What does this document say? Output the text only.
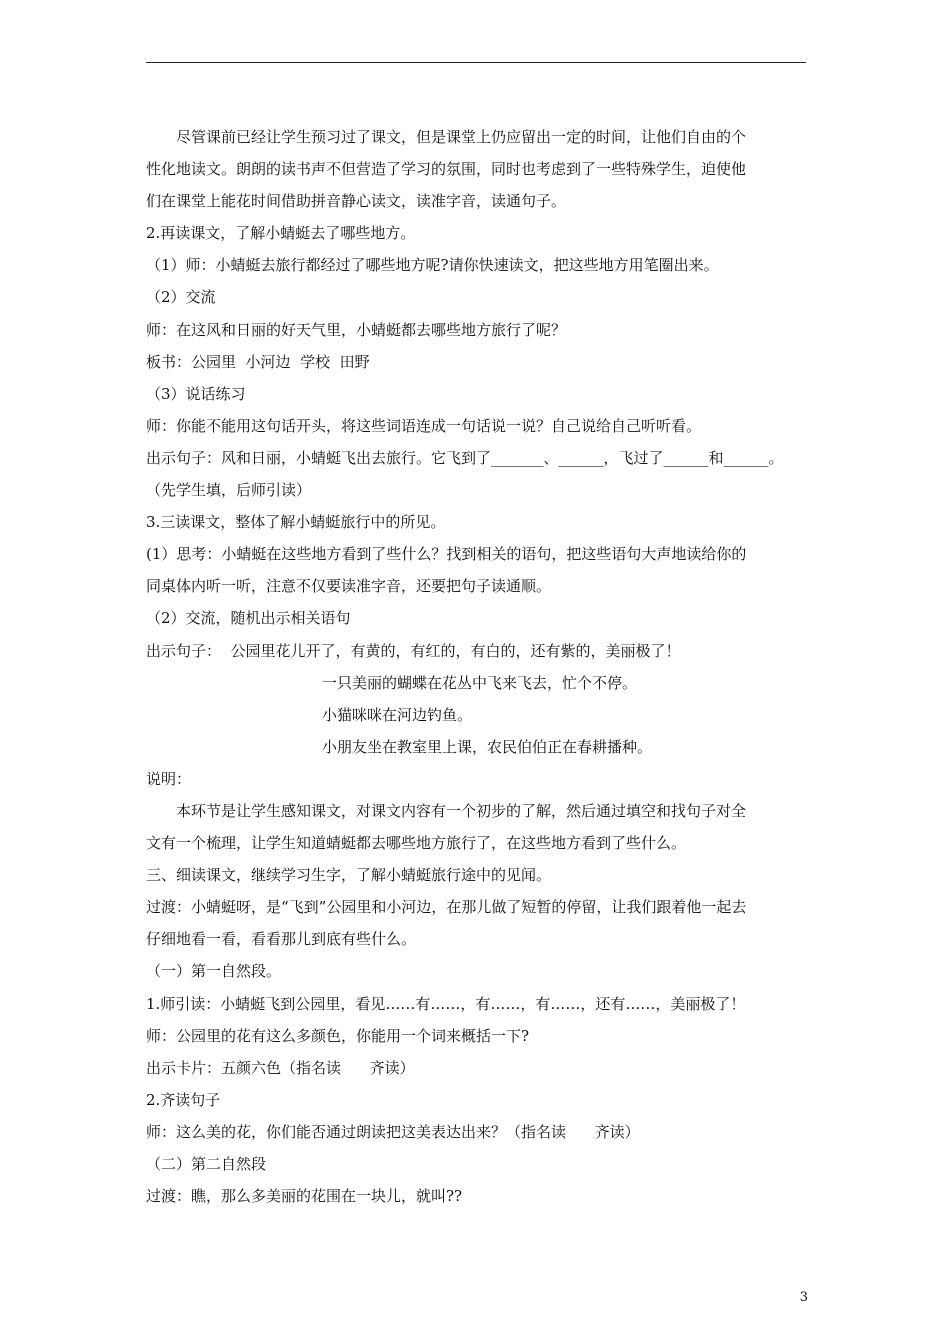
尽管课前已经让学生预习过了课文，但是课堂上仍应留出一定的时间，让他们自由的个
性化地读文。朗朗的读书声不但营造了学习的氛围，同时也考虑到了一些特殊学生，迫使他
们在课堂上能花时间借助拼音静心读文，读准字音，读通句子。
2.再读课文，了解小蜻蜓去了哪些地方。
（1）师：小蜻蜓去旅行都经过了哪些地方呢?请你快速读文，把这些地方用笔圈出来。
（2）交流
师：在这风和日丽的好天气里，小蜻蜓都去哪些地方旅行了呢？
板书：公园里  小河边  学校  田野
（3）说话练习
师：你能不能用这句话开头，将这些词语连成一句话说一说？自己说给自己听听看。
出示句子：风和日丽，小蜻蜓飞出去旅行。它飞到了_______、______，飞过了______和______。
（先学生填，后师引读）
3.三读课文，整体了解小蜻蜓旅行中的所见。
(1）思考：小蜻蜓在这些地方看到了些什么？找到相关的语句，把这些语句大声地读给你的
同桌体内听一听，注意不仅要读准字音，还要把句子读通顺。
（2）交流，随机出示相关语句
出示句子：  公园里花儿开了，有黄的，有红的，有白的，还有紫的，美丽极了！
一只美丽的蝴蝶在花丛中飞来飞去，忙个不停。
小猫咪咪在河边钓鱼。
小朋友坐在教室里上课，农民伯伯正在春耕播种。
说明：
本环节是让学生感知课文，对课文内容有一个初步的了解，然后通过填空和找句子对全
文有一个梳理，让学生知道蜻蜓都去哪些地方旅行了，在这些地方看到了些什么。
三、细读课文，继续学习生字，了解小蜻蜓旅行途中的见闻。
过渡：小蜻蜓呀，是“飞到”公园里和小河边，在那儿做了短暂的停留，让我们跟着他一起去
仔细地看一看，看看那儿到底有些什么。
（一）第一自然段。
1.师引读：小蜻蜓飞到公园里，看见……有……，有……，有……，还有……，美丽极了！
师：公园里的花有这么多颜色，你能用一个词来概括一下?
出示卡片：五颜六色（指名读      齐读）
2.齐读句子
师：这么美的花，你们能否通过朗读把这美表达出来？（指名读      齐读）
（二）第二自然段
过渡：瞧，那么多美丽的花围在一块儿，就叫??
3
